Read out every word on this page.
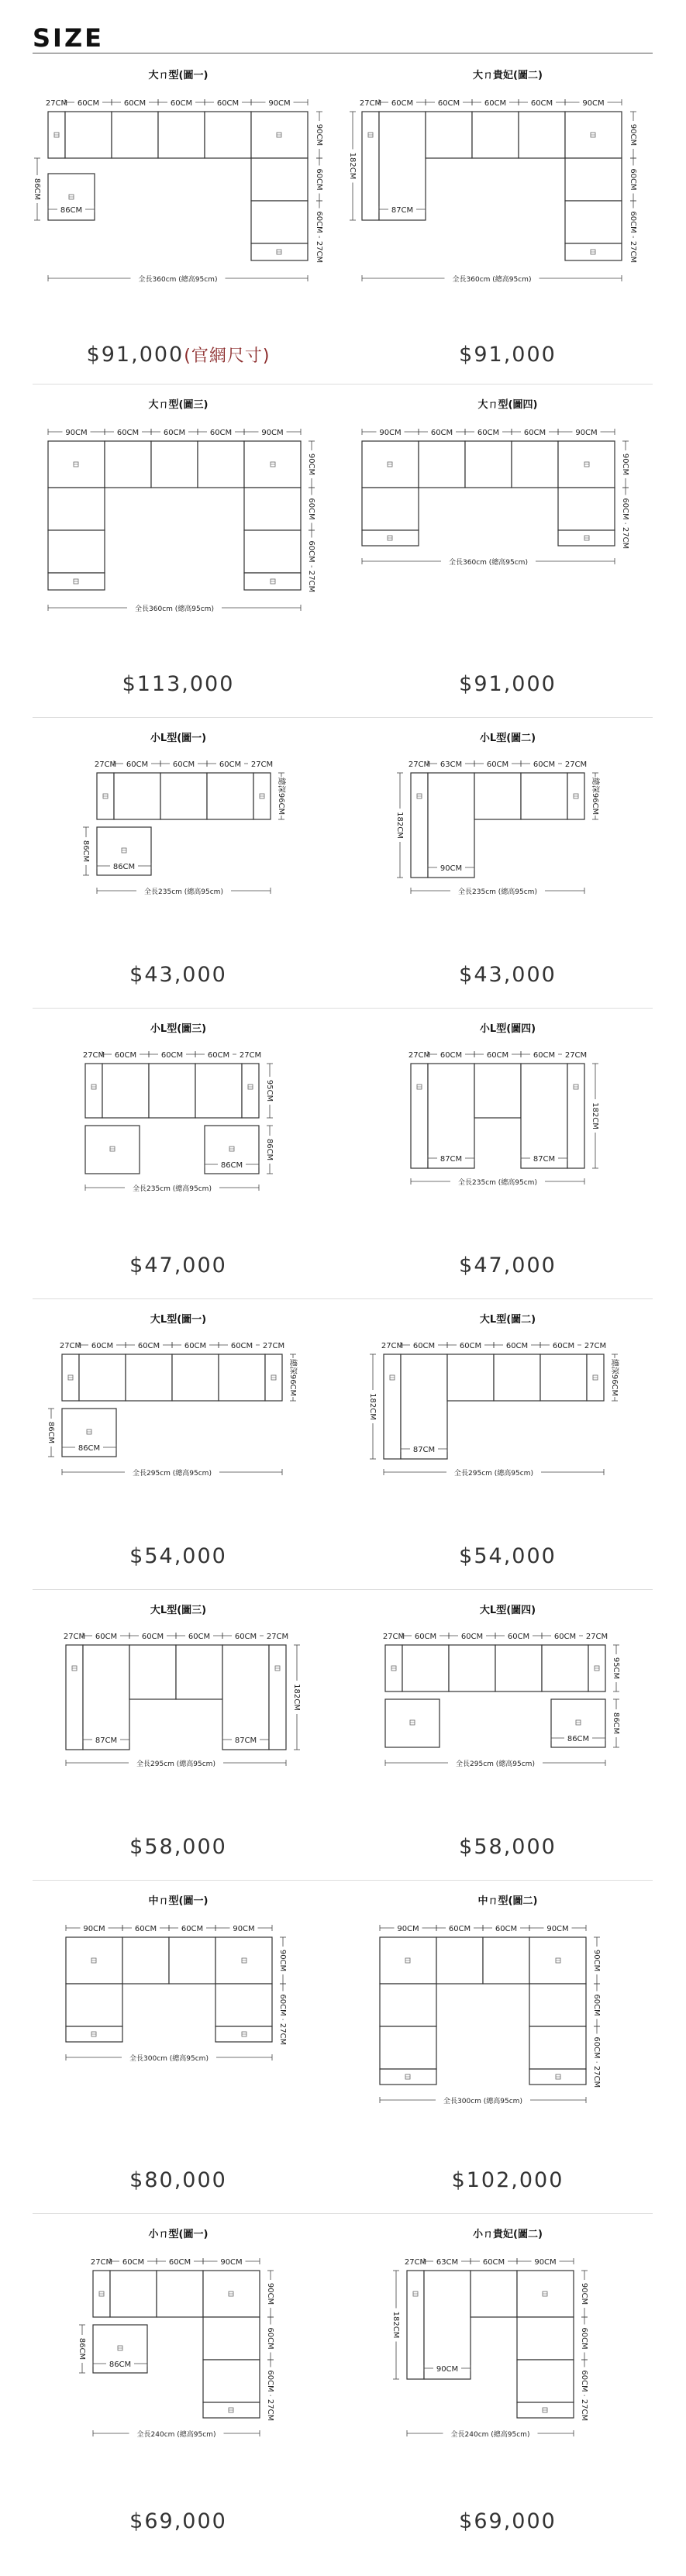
SIZE
大ㄇ型(圖一)
27CM 60CM	60CM	60CM	60CM	90CM
86CM
86CM
90CM
60CM
60CM
27CM
全長360cm (總高95cm)
$91,000(官網尺寸)
大ㄇ貴妃(圖二)
27CM 60CM	60CM	60CM	60CM	90CM
87CM
182CM
90CM
60CM
60CM
27CM
全長360cm (總高95cm)
$91,000
大ㄇ型(圖三)
90CM	60CM	60CM	60CM	90CM
90CM
60CM
60CM
27CM
全長360cm (總高95cm)
$113,000
大ㄇ型(圖四)
90CM	60CM	60CM	60CM	90CM
90CM
60CM
27CM
全長360cm (總高95cm)
$91,000
小L型(圖一)
27CM 60CM	60CM	60CM 27CM
86CM
86CM
總深96CM
全長235cm (總高95cm)
$43,000
小L型(圖二)
27CM 63CM	60CM	60CM 27CM
90CM
182CM
總深96CM
全長235cm (總高95cm)
$43,000
小L型(圖三)
27CM 60CM	60CM	60CM 27CM
86CM
95CM
86CM
全長235cm (總高95cm)
$47,000
小L型(圖四)
27CM 60CM	60CM	60CM 27CM
87CM	87CM
182CM
全長235cm (總高95cm)
$47,000
大L型(圖一)
27CM 60CM	60CM	60CM	60CM 27CM
86CM
86CM
總深96CM
全長295cm (總高95cm)
$54,000
大L型(圖二)
27CM 60CM	60CM	60CM	60CM 27CM
87CM
182CM
總深96CM
全長295cm (總高95cm)
$54,000
大L型(圖三)
27CM 60CM	60CM	60CM	60CM 27CM
87CM	87CM
182CM
全長295cm (總高95cm)
$58,000
大L型(圖四)
27CM 60CM	60CM	60CM	60CM 27CM
86CM
95CM
86CM
全長295cm (總高95cm)
$58,000
中ㄇ型(圖一)
90CM	60CM	60CM	90CM
90CM
60CM
27CM
全長300cm (總高95cm)
$80,000
中ㄇ型(圖二)
90CM	60CM	60CM	90CM
90CM
60CM
60CM
27CM
全長300cm (總高95cm)
$102,000
小ㄇ型(圖一)
27CM 60CM	60CM	90CM
86CM
86CM
90CM
60CM
60CM
27CM
全長240cm (總高95cm)
$69,000
小ㄇ貴妃(圖二)
27CM 63CM	60CM	90CM
90CM
182CM
90CM
60CM
60CM
27CM
全長240cm (總高95cm)
$69,000
